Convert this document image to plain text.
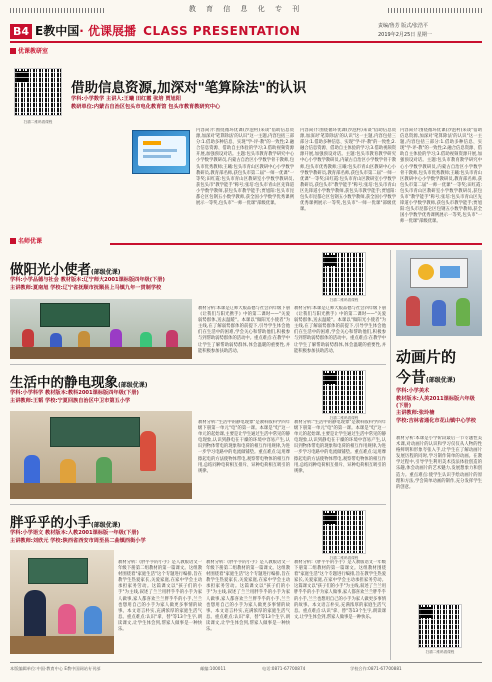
教 育 信 息 化 专 刊
B4 E教中国· 优课展播 CLASS PRESENTATION	责编/鲁芳 版式/张浩平
2019年2月25日 星期一
优课教研室
扫描二维码看课程
借助信息资源,加深对"笔算除法"的认识
学科:小学数学 主讲人:王曦 田红霞 张培 贾旭阳
教研单位:内蒙古自治区包头市电化教育馆 包头市教育教研究中心
内容简介:围绕循环优课(沙泡村)来谈"借助信息资源,加深对'笔算除法'的认识"这一主题,内容包括三部分:1.借助多种信息、实现"学-评-教"的一致性;2.融合信息资源、借助自主体验的学习;3.借助视频资源开展,加强预设对话。主题:包头市教育教学研究中心小学数学教研员,内蒙古自治区小学数学骨干教师,包头市优秀教师;王曦:包头市青山区教研中心小学数学教研员,教育部名师,获包头市第二届"一师一优课"一等奖;田红霞:包头市青山区教研室小学数学教研员,获包头市"教学能手"称号;张培:包头市青山区先锋道小学数学教师,获包头市教学能手;贾旭阳:包头市昆都仑区包钢五小数学教师,获全国小学数学优秀课例展示一等奖,包头市"一师一优课"部级优课。
内容简介:围绕循环优课(沙泡村)来谈"借助信息资源,加深对'笔算除法'的认识"这一主题,内容包括三部分:1.借助多种信息、实现"学-评-教"的一致性;2.融合信息资源、借助自主体验的学习;3.借助视频资源开展,加强预设对话。主题:包头市教育教学研究中心小学数学教研员,内蒙古自治区小学数学骨干教师,包头市优秀教师;王曦:包头市青山区教研中心小学数学教研员,教育部名师,获包头市第二届"一师一优课"一等奖;田红霞:包头市青山区教研室小学数学教研员,获包头市"教学能手"称号;张培:包头市青山区先锋道小学数学教师,获包头市教学能手;贾旭阳:包头市昆都仑区包钢五小数学教师,获全国小学数学优秀课例展示一等奖,包头市"一师一优课"部级优课。
内容简介:围绕循环优课(沙泡村)来谈"借助信息资源,加深对'笔算除法'的认识"这一主题,内容包括三部分:1.借助多种信息、实现"学-评-教"的一致性;2.融合信息资源、借助自主体验的学习;3.借助视频资源开展,加强预设对话。主题:包头市教育教学研究中心小学数学教研员,内蒙古自治区小学数学骨干教师,包头市优秀教师;王曦:包头市青山区教研中心小学数学教研员,教育部名师,获包头市第二届"一师一优课"一等奖;田红霞:包头市青山区教研室小学数学教研员,获包头市"教学能手"称号;张培:包头市青山区先锋道小学数学教师,获包头市教学能手;贾旭阳:包头市昆都仑区包钢五小数学教师,获全国小学数学优秀课例展示一等奖,包头市"一师一优课"部级优课。
名师优课
做阳光小使者(部级优课)
学科:小学品德与社会 教材版本:辽宁师大2001课标版四年级(下册)
主讲教师:夏南旭 学校:辽宁省抚顺市抚顺县上马镇九年一贯制学校
扫描二维码看课程
教材分析:本课是辽师大版品德与社会四年级下册《让我们与阳光携手》中的第二课时——"关爱弱势群体,送去温暖"。本课以"做阳光小使者"为主线,在了解弱势群体的前提下,引导学生体会他们在生活中的困难,学会关心和帮助他们,积极参与到帮助弱势群体的活动中。重点难点:在教学中让学生了解帮助弱势群体,体会温暖的重要性,并能积极参加扶助活动。
教材分析:本课是辽师大版品德与社会四年级下册《让我们与阳光携手》中的第二课时——"关爱弱势群体,送去温暖"。本课以"做阳光小使者"为主线,在了解弱势群体的前提下,引导学生体会他们在生活中的困难,学会关心和帮助他们,积极参与到帮助弱势群体的活动中。重点难点:在教学中让学生了解帮助弱势群体,体会温暖的重要性,并能积极参加扶助活动。
生活中的静电现象(部级优课)
学科:小学科学 教材版本:教科2001课标版四年级(下册)
主讲教师:王韬 学校:宁夏回族自治区中卫市第五小学
扫描二维码看课程
教材分析:"生活中的静电现象"是教科版科学四年级下册第一单元"电"的第一课。本课是"电"这一单元的起始课,主要是让学生通过生活中常见的静电现象,认识到静电在干燥的环境中容易产生,认识到物体带电的现象和电荷的相互作用规律,为进一步学习电路中的电流做铺垫。重点难点:运用摩擦起电的方法使物体带电,观察带电物体的相互作用,总结同种电荷相互排斥、异种电荷相互吸引的规律。
教材分析:"生活中的静电现象"是教科版科学四年级下册第一单元"电"的第一课。本课是"电"这一单元的起始课,主要是让学生通过生活中常见的静电现象,认识到静电在干燥的环境中容易产生,认识到物体带电的现象和电荷的相互作用规律,为进一步学习电路中的电流做铺垫。重点难点:运用摩擦起电的方法使物体带电,观察带电物体的相互作用,总结同种电荷相互排斥、异种电荷相互吸引的规律。
胖乎乎的小手(部级优课)
学科:小学语文 教材版本:人教2001课标版一年级(下册)
主讲教师:刘欣元 学校:陕西省西安市周至县二曲镇西街小学
扫描二维码看课程
教材分析:《胖乎乎的小手》是人教版语文一年级下册第二组教材的第一篇课文。这组教材围绕着"家庭生活"这个专题进行编排,旨在教学生热爱家长,关爱家庭,在家中学会主动承担家务劳动。这篇课文以"孩子们的小手"为主线,叙述了兰兰用胖乎乎的小手为家人做事,家人都喜欢兰兰胖乎乎的小手,兰兰也想用自己的小手为家人做更多事情的故事。本文语言朴实,充满浓厚的家庭生活气息。重点难点:认识"拿、替"等13个生字,朗读课文,让学生体会到,帮家人做事是一种快乐。
教材分析:《胖乎乎的小手》是人教版语文一年级下册第二组教材的第一篇课文。这组教材围绕着"家庭生活"这个专题进行编排,旨在教学生热爱家长,关爱家庭,在家中学会主动承担家务劳动。这篇课文以"孩子们的小手"为主线,叙述了兰兰用胖乎乎的小手为家人做事,家人都喜欢兰兰胖乎乎的小手,兰兰也想用自己的小手为家人做更多事情的故事。本文语言朴实,充满浓厚的家庭生活气息。重点难点:认识"拿、替"等13个生字,朗读课文,让学生体会到,帮家人做事是一种快乐。
教材分析:《胖乎乎的小手》是人教版语文一年级下册第二组教材的第一篇课文。这组教材围绕着"家庭生活"这个专题进行编排,旨在教学生热爱家长,关爱家庭,在家中学会主动承担家务劳动。这篇课文以"孩子们的小手"为主线,叙述了兰兰用胖乎乎的小手为家人做事,家人都喜欢兰兰胖乎乎的小手,兰兰也想用自己的小手为家人做更多事情的故事。本文语言朴实,充满浓厚的家庭生活气息。重点难点:认识"拿、替"等13个生字,朗读课文,让学生体会到,帮家人做事是一种快乐。
动画片的
今昔(部级优课)
学科:小学美术
教材版本:人美2011课标版六年级(下册)
主讲教师:张玲楠
学校:吉林省通化市花山镇中心学校
教材分析:本课是小学阶段最后一节专题性美术课,对动画片的认识和学习仅仅从人物的性格鲜明和形象夸张入手,让学生在了解动画片发展历程的同时,学习制作简单的动画。在教学过程中,引导学生利用美术技法体验创造的乐趣,体会动画片的艺术魅力,发展想象力和创造力。重点难点:使学生认识手绘动画片的原理和方法,学会简单动画的制作,充分发挥学生的创意。
扫描二维码看课程
本版编辑单位:中国·教育中心 E教中国网站专刊部	邮编:100011	电话:0871-67700874	学校合作:0871-67700881
